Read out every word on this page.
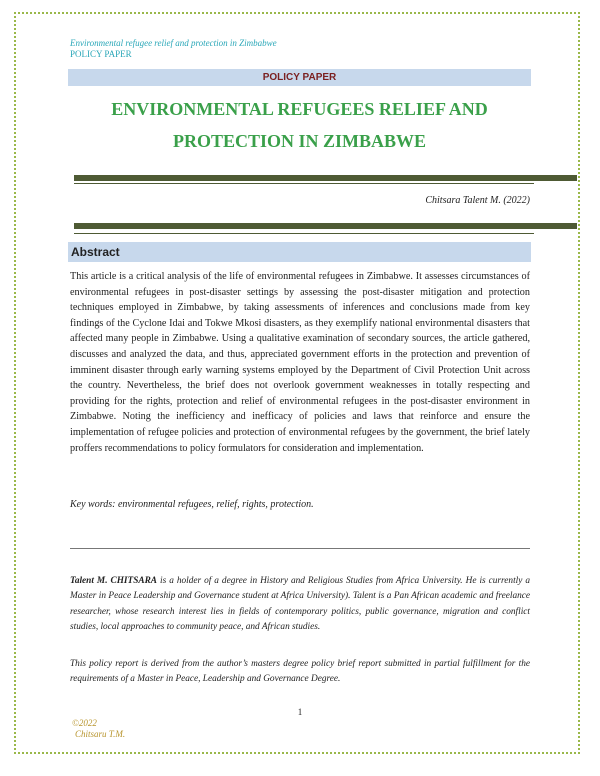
Environmental refugee relief and protection in Zimbabwe
POLICY PAPER
POLICY PAPER
ENVIRONMENTAL REFUGEES RELIEF AND
PROTECTION IN ZIMBABWE
Chitsara Talent M. (2022)
Abstract
This article is a critical analysis of the life of environmental refugees in Zimbabwe. It assesses circumstances of environmental refugees in post-disaster settings by assessing the post-disaster mitigation and protection techniques employed in Zimbabwe, by taking assessments of inferences and conclusions made from key findings of the Cyclone Idai and Tokwe Mkosi disasters, as they exemplify national environmental disasters that affected many people in Zimbabwe. Using a qualitative examination of secondary sources, the article gathered, discusses and analyzed the data, and thus, appreciated government efforts in the protection and prevention of imminent disaster through early warning systems employed by the Department of Civil Protection Unit across the country. Nevertheless, the brief does not overlook government weaknesses in totally respecting and providing for the rights, protection and relief of environmental refugees in the post-disaster environment in Zimbabwe. Noting the inefficiency and inefficacy of policies and laws that reinforce and ensure the implementation of refugee policies and protection of environmental refugees by the government, the brief lately proffers recommendations to policy formulators for consideration and implementation.
Key words: environmental refugees, relief, rights, protection.
Talent M. CHITSARA is a holder of a degree in History and Religious Studies from Africa University. He is currently a Master in Peace Leadership and Governance student at Africa University). Talent is a Pan African academic and freelance researcher, whose research interest lies in fields of contemporary politics, public governance, migration and conflict studies, local approaches to community peace, and African studies.
This policy report is derived from the author’s masters degree policy brief report submitted in partial fulfillment for the requirements of a Master in Peace, Leadership and Governance Degree.
1
©2022
Chitsaru T.M.
